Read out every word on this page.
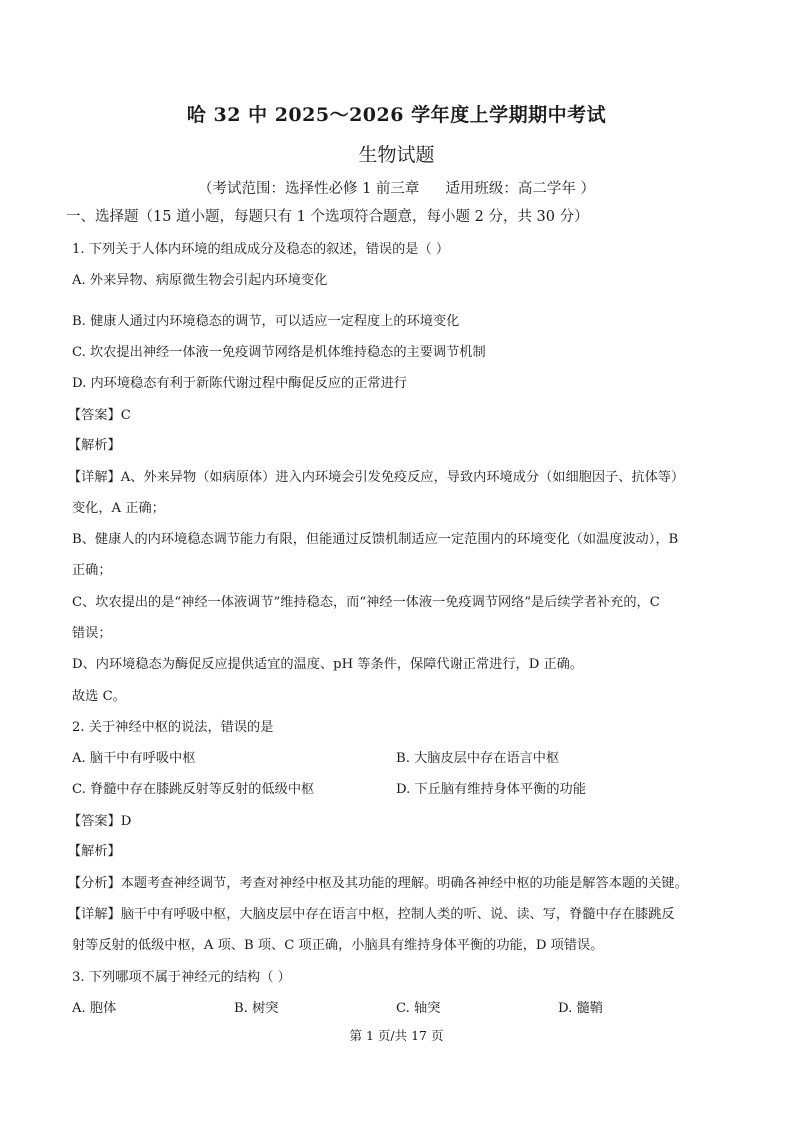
哈 32 中 2025～2026 学年度上学期期中考试
生物试题
（考试范围：选择性必修 1 前三章 适用班级：高二学年 ）
一、选择题（15 道小题，每题只有 1 个选项符合题意，每小题 2 分，共 30 分）
1. 下列关于人体内环境的组成成分及稳态的叙述，错误的是（ ）
A. 外来异物、病原微生物会引起内环境变化
B. 健康人通过内环境稳态的调节，可以适应一定程度上的环境变化
C. 坎农提出神经一体液一免疫调节网络是机体维持稳态的主要调节机制
D. 内环境稳态有利于新陈代谢过程中酶促反应的正常进行
【答案】C
【解析】
【详解】A、外来异物（如病原体）进入内环境会引发免疫反应，导致内环境成分（如细胞因子、抗体等）
变化，A 正确；
B、健康人的内环境稳态调节能力有限，但能通过反馈机制适应一定范围内的环境变化（如温度波动），B
正确；
C、坎农提出的是“神经一体液调节”维持稳态，而“神经一体液一免疫调节网络”是后续学者补充的，C
错误；
D、内环境稳态为酶促反应提供适宜的温度、pH 等条件，保障代谢正常进行，D 正确。
故选 C。
2. 关于神经中枢的说法，错误的是
A. 脑干中有呼吸中枢	B. 大脑皮层中存在语言中枢
C. 脊髓中存在膝跳反射等反射的低级中枢	D. 下丘脑有维持身体平衡的功能
【答案】D
【解析】
【分析】本题考查神经调节，考查对神经中枢及其功能的理解。明确各神经中枢的功能是解答本题的关键。
【详解】脑干中有呼吸中枢，大脑皮层中存在语言中枢，控制人类的听、说、读、写，脊髓中存在膝跳反
射等反射的低级中枢，A 项、B 项、C 项正确，小脑具有维持身体平衡的功能，D 项错误。
3. 下列哪项不属于神经元的结构（ ）
A. 胞体	B. 树突	C. 轴突	D. 髓鞘
第 1 页/共 17 页
